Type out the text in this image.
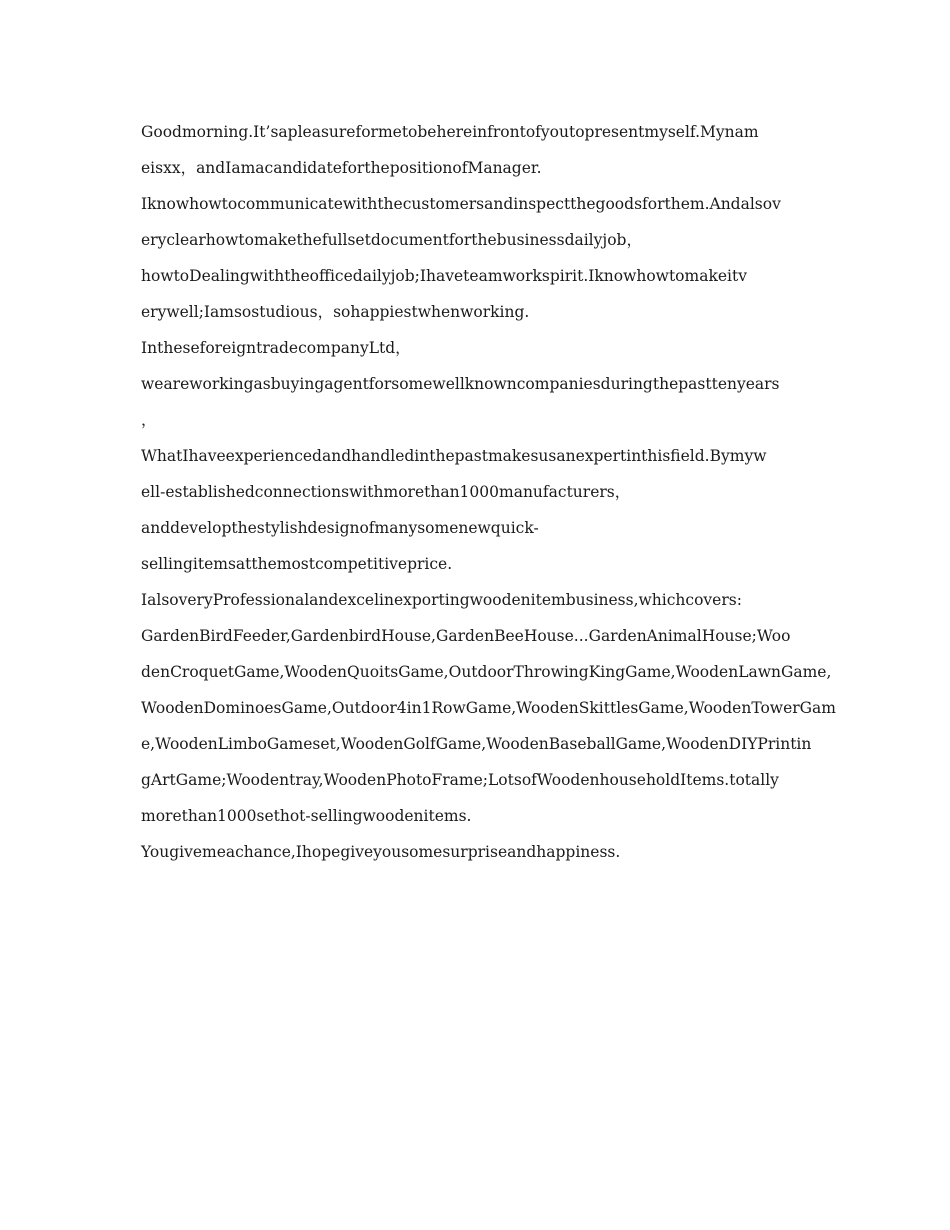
Goodmorning.It’sapleasureformetobehereinfrontofyoutopresentmyself.Mynam
eisxx，andIamacandidateforthepositionofManager.
Iknowhowtocommunicatewiththecustomersandinspectthegoodsforthem.Andalsov
eryclearhowtomakethefullsetdocumentforthebusinessdailyjob，
howtoDealingwiththeofficedailyjob;Ihaveteamworkspirit.Iknowhowtomakeitv
erywell;Iamsostudious，sohappiestwhenworking.
IntheseforeigntradecompanyLtd，
weareworkingasbuyingagentforsomewellknowncompaniesduringthepasttenyears
，
WhatIhaveexperiencedandhandledinthepastmakesusanexpertinthisfield.Bymyw
ell-establishedconnectionswithmorethan1000manufacturers，
anddevelopthestylishdesignofmanysomenewquick-
sellingitemsatthemostcompetitiveprice.
IalsoveryProfessionalandexcelinexportingwoodenitembusiness,whichcovers:
GardenBirdFeeder,GardenbirdHouse,GardenBeeHouse...GardenAnimalHouse;Woo
denCroquetGame,WoodenQuoitsGame,OutdoorThrowingKingGame,WoodenLawnGame,
WoodenDominoesGame,Outdoor4in1RowGame,WoodenSkittlesGame,WoodenTowerGam
e,WoodenLimboGameset,WoodenGolfGame,WoodenBaseballGame,WoodenDIYPrintin
gArtGame;Woodentray,WoodenPhotoFrame;LotsofWoodenhouseholdItems.totally
morethan1000sethot-sellingwoodenitems.
Yougivemeachance,Ihopegiveyousomesurpriseandhappiness.
